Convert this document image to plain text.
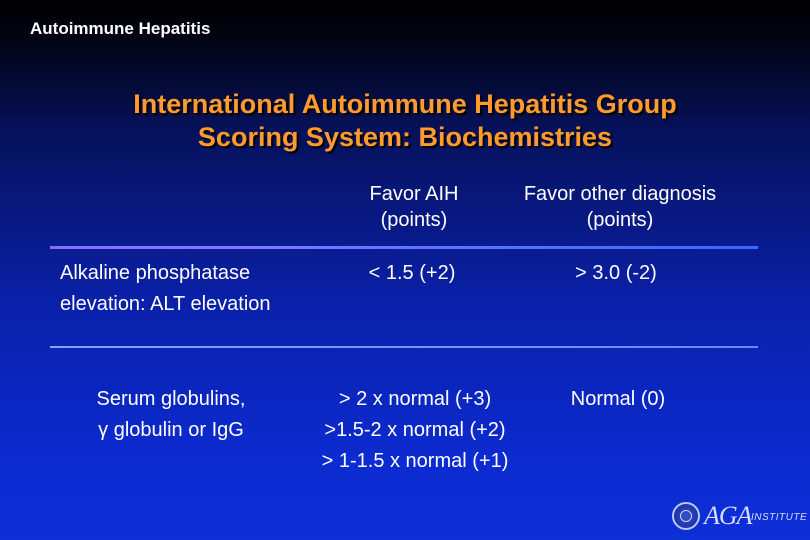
Autoimmune Hepatitis
International Autoimmune Hepatitis Group
Scoring System: Biochemistries
Favor AIH
(points)
Favor other diagnosis
(points)
Alkaline phosphatase
elevation: ALT elevation
< 1.5 (+2)	> 3.0 (-2)
Serum globulins,
γ globulin or IgG
> 2 x normal (+3)
>1.5-2 x normal (+2)
> 1-1.5 x normal (+1)
Normal (0)
AGA INSTITUTE
